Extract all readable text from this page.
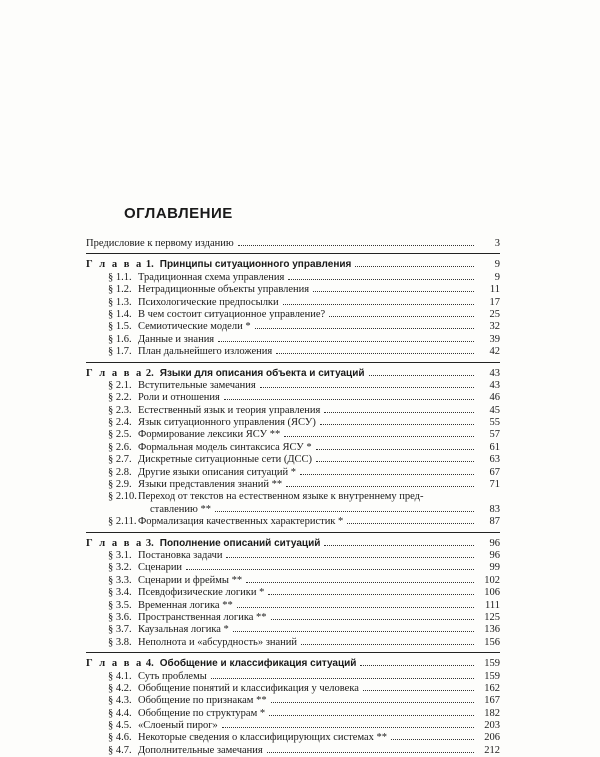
ОГЛАВЛЕНИЕ
Предисловие к первому изданию	3
Г л а в а 1. Принципы ситуационного управления	9
§ 1.1. Традиционная схема управления	9
§ 1.2. Нетрадиционные объекты управления	11
§ 1.3. Психологические предпосылки	17
§ 1.4. В чем состоит ситуационное управление?	25
§ 1.5. Семиотические модели *	32
§ 1.6. Данные и знания	39
§ 1.7. План дальнейшего изложения	42
Г л а в а 2. Языки для описания объекта и ситуаций	43
§ 2.1. Вступительные замечания	43
§ 2.2. Роли и отношения	46
§ 2.3. Естественный язык и теория управления	45
§ 2.4. Язык ситуационного управления (ЯСУ)	55
§ 2.5. Формирование лексики ЯСУ **	57
§ 2.6. Формальная модель синтаксиса ЯСУ *	61
§ 2.7. Дискретные ситуационные сети (ДСС)	63
§ 2.8. Другие языки описания ситуаций *	67
§ 2.9. Языки представления знаний **	71
§ 2.10. Переход от текстов на естественном языке к внутреннему пред-
ставлению **	83
§ 2.11. Формализация качественных характеристик *	87
Г л а в а 3. Пополнение описаний ситуаций	96
§ 3.1. Постановка задачи	96
§ 3.2. Сценарии	99
§ 3.3. Сценарии и фреймы **	102
§ 3.4. Псевдофизические логики *	106
§ 3.5. Временная логика **	111
§ 3.6. Пространственная логика **	125
§ 3.7. Каузальная логика *	136
§ 3.8. Неполнота и «абсурдность» знаний	156
Г л а в а 4. Обобщение и классификация ситуаций	159
§ 4.1. Суть проблемы	159
§ 4.2. Обобщение понятий и классификация у человека	162
§ 4.3. Обобщение по признакам **	167
§ 4.4. Обобщение по структурам *	182
§ 4.5. «Слоеный пирог»	203
§ 4.6. Некоторые сведения о классифицирующих системах **	206
§ 4.7. Дополнительные замечания	212
